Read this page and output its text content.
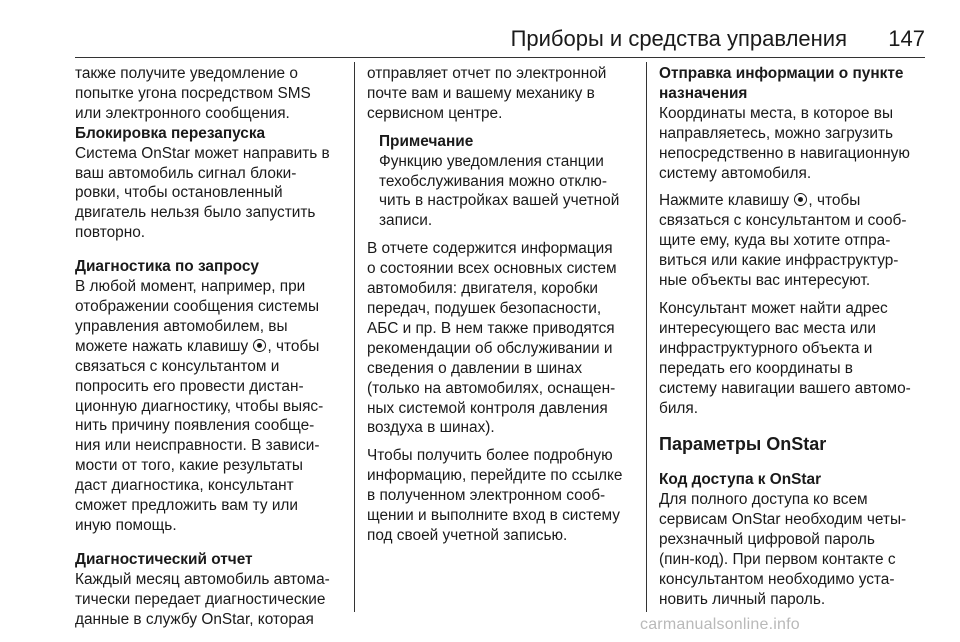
Приборы и средства управления 147
также получите уведомление о
попытке угона посредством SMS
или электронного сообщения.
Блокировка перезапуска
Система OnStar может направить в
ваш автомобиль сигнал блоки-
ровки, чтобы остановленный
двигатель нельзя было запустить
повторно.
Диагностика по запросу
В любой момент, например, при
отображении сообщения системы
управления автомобилем, вы
можете нажать клавишу , чтобы
связаться с консультантом и
попросить его провести дистан-
ционную диагностику, чтобы выяс-
нить причину появления сообще-
ния или неисправности. В зависи-
мости от того, какие результаты
даст диагностика, консультант
сможет предложить вам ту или
иную помощь.
Диагностический отчет
Каждый месяц автомобиль автома-
тически передает диагностические
данные в службу OnStar, которая
отправляет отчет по электронной
почте вам и вашему механику в
сервисном центре.
Примечание
Функцию уведомления станции
техобслуживания можно отклю-
чить в настройках вашей учетной
записи.
В отчете содержится информация
о состоянии всех основных систем
автомобиля: двигателя, коробки
передач, подушек безопасности,
АБС и пр. В нем также приводятся
рекомендации об обслуживании и
сведения о давлении в шинах
(только на автомобилях, оснащен-
ных системой контроля давления
воздуха в шинах).
Чтобы получить более подробную
информацию, перейдите по ссылке
в полученном электронном сооб-
щении и выполните вход в систему
под своей учетной записью.
Отправка информации о пункте
назначения
Координаты места, в которое вы
направляетесь, можно загрузить
непосредственно в навигационную
систему автомобиля.
Нажмите клавишу , чтобы
связаться с консультантом и сооб-
щите ему, куда вы хотите отпра-
виться или какие инфраструктур-
ные объекты вас интересуют.
Консультант может найти адрес
интересующего вас места или
инфраструктурного объекта и
передать его координаты в
систему навигации вашего автомо-
биля.
Параметры OnStar
Код доступа к OnStar
Для полного доступа ко всем
сервисам OnStar необходим четы-
рехзначный цифровой пароль
(пин-код). При первом контакте с
консультантом необходимо уста-
новить личный пароль.
carmanualsonline.info
